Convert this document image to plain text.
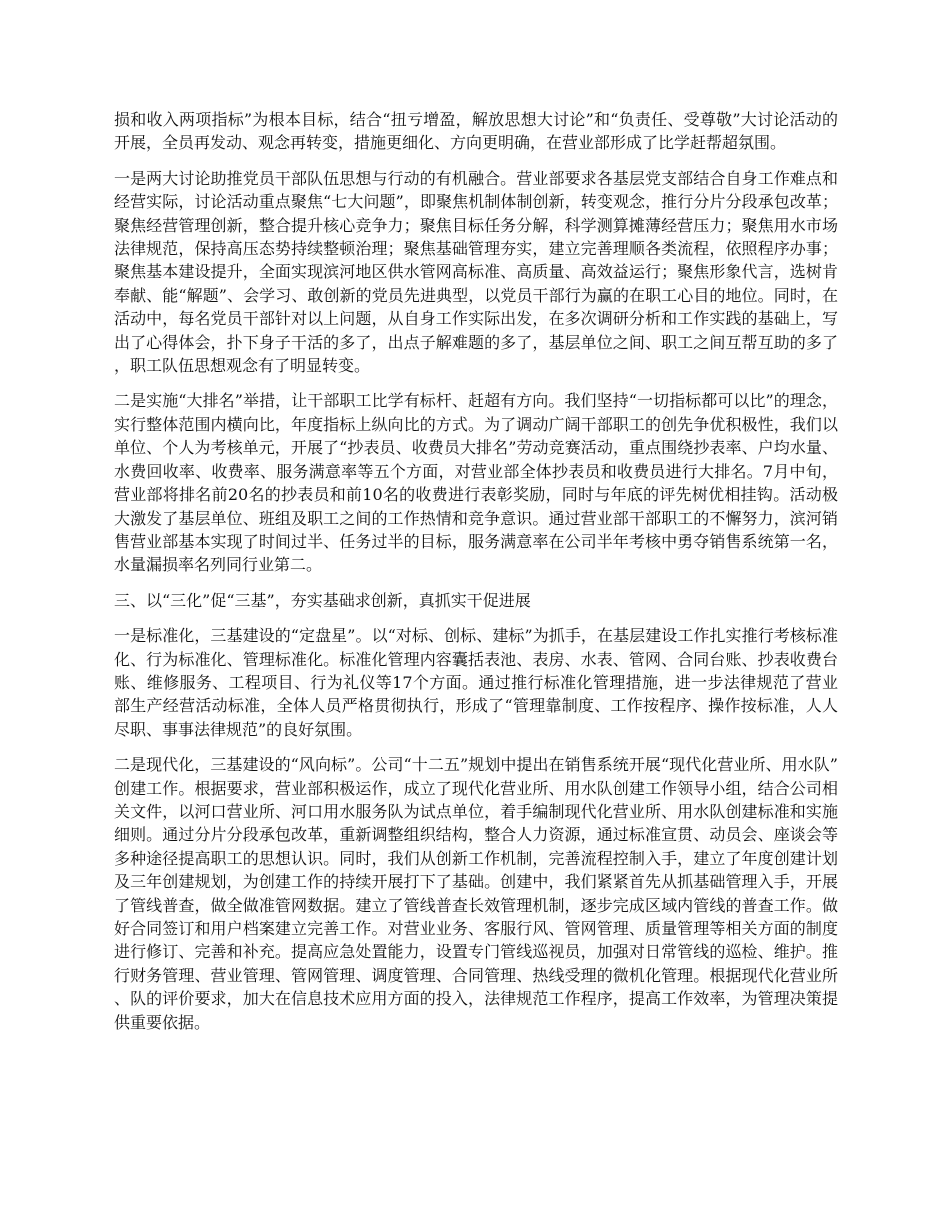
损和收入两项指标”为根本目标，结合“扭亏增盈，解放思想大讨论”和“负责任、受尊敬”大讨论活动的开展，全员再发动、观念再转变，措施更细化、方向更明确，在营业部形成了比学赶帮超氛围。

一是两大讨论助推党员干部队伍思想与行动的有机融合。营业部要求各基层党支部结合自身工作难点和经营实际，讨论活动重点聚焦“七大问题”，即聚焦机制体制创新，转变观念，推行分片分段承包改革；聚焦经营管理创新，整合提升核心竞争力；聚焦目标任务分解，科学测算摊薄经营压力；聚焦用水市场法律规范，保持高压态势持续整顿治理；聚焦基础管理夯实，建立完善理顺各类流程，依照程序办事；聚焦基本建设提升，全面实现滨河地区供水管网高标准、高质量、高效益运行；聚焦形象代言，选树肯奉献、能“解题”、会学习、敢创新的党员先进典型，以党员干部行为赢的在职工心目的地位。同时，在活动中，每名党员干部针对以上问题，从自身工作实际出发，在多次调研分析和工作实践的基础上，写出了心得体会，扑下身子干活的多了，出点子解难题的多了，基层单位之间、职工之间互帮互助的多了，职工队伍思想观念有了明显转变。

二是实施“大排名”举措，让干部职工比学有标杆、赶超有方向。我们坚持“一切指标都可以比”的理念，实行整体范围内横向比，年度指标上纵向比的方式。为了调动广阔干部职工的创先争优积极性，我们以单位、个人为考核单元，开展了“抄表员、收费员大排名”劳动竞赛活动，重点围绕抄表率、户均水量、水费回收率、收费率、服务满意率等五个方面，对营业部全体抄表员和收费员进行大排名。7月中旬，营业部将排名前20名的抄表员和前10名的收费进行表彰奖励，同时与年底的评先树优相挂钩。活动极大激发了基层单位、班组及职工之间的工作热情和竞争意识。通过营业部干部职工的不懈努力，滨河销售营业部基本实现了时间过半、任务过半的目标，服务满意率在公司半年考核中勇夺销售系统第一名，水量漏损率名列同行业第二。

三、以“三化”促“三基”，夯实基础求创新，真抓实干促进展

一是标准化，三基建设的“定盘星”。以“对标、创标、建标”为抓手，在基层建设工作扎实推行考核标准化、行为标准化、管理标准化。标准化管理内容囊括表池、表房、水表、管网、合同台账、抄表收费台账、维修服务、工程项目、行为礼仪等17个方面。通过推行标准化管理措施，进一步法律规范了营业部生产经营活动标准，全体人员严格贯彻执行，形成了“管理靠制度、工作按程序、操作按标准，人人尽职、事事法律规范”的良好氛围。

二是现代化，三基建设的“风向标”。公司“十二五”规划中提出在销售系统开展“现代化营业所、用水队”创建工作。根据要求，营业部积极运作，成立了现代化营业所、用水队创建工作领导小组，结合公司相关文件，以河口营业所、河口用水服务队为试点单位，着手编制现代化营业所、用水队创建标准和实施细则。通过分片分段承包改革，重新调整组织结构，整合人力资源，通过标准宣贯、动员会、座谈会等多种途径提高职工的思想认识。同时，我们从创新工作机制，完善流程控制入手，建立了年度创建计划及三年创建规划，为创建工作的持续开展打下了基础。创建中，我们紧紧首先从抓基础管理入手，开展了管线普查，做全做准管网数据。建立了管线普查长效管理机制，逐步完成区域内管线的普查工作。做好合同签订和用户档案建立完善工作。对营业业务、客服行风、管网管理、质量管理等相关方面的制度进行修订、完善和补充。提高应急处置能力，设置专门管线巡视员，加强对日常管线的巡检、维护。推行财务管理、营业管理、管网管理、调度管理、合同管理、热线受理的微机化管理。根据现代化营业所、队的评价要求，加大在信息技术应用方面的投入，法律规范工作程序，提高工作效率，为管理决策提供重要依据。
